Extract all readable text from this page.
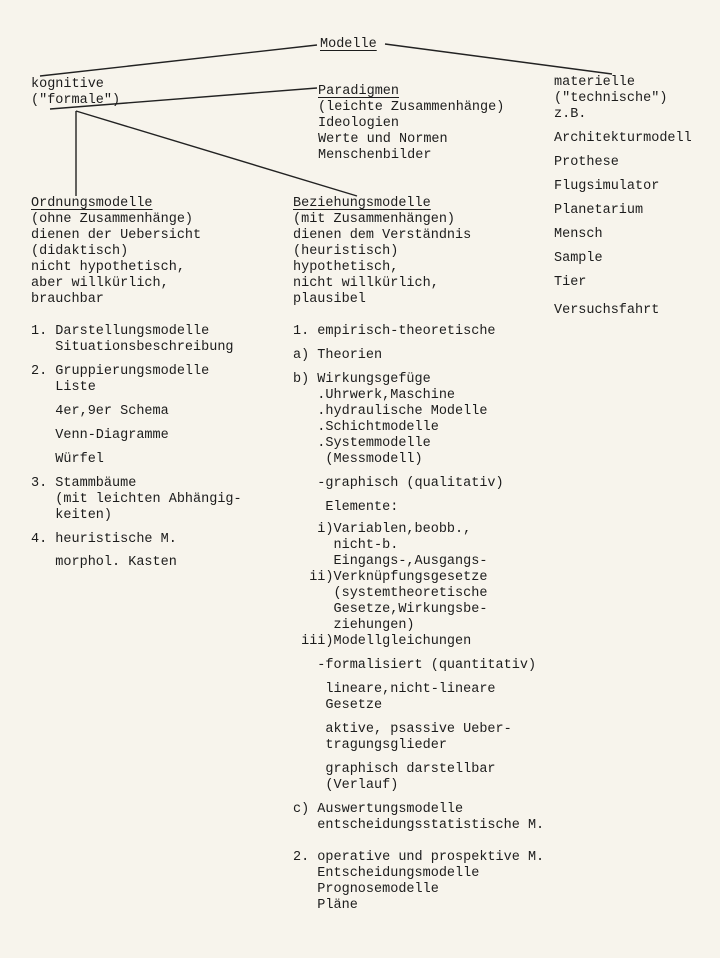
Modelle
kognitive
("formale")
Paradigmen
(leichte Zusammenhänge)
Ideologien
Werte und Normen
Menschenbilder
materielle
("technische")
z.B.
Architekturmodell
Prothese
Flugsimulator
Planetarium
Mensch
Sample
Tier
Versuchsfahrt
Ordnungsmodelle
(ohne Zusammenhänge)
dienen der Uebersicht
(didaktisch)
nicht hypothetisch,
aber willkürlich,
brauchbar
1. Darstellungsmodelle
Situationsbeschreibung
2. Gruppierungsmodelle
Liste
4er,9er Schema
Venn-Diagramme
Würfel
3. Stammbäume
(mit leichten Abhängig-
keiten)
4. heuristische M.
morphol. Kasten
Beziehungsmodelle
(mit Zusammenhängen)
dienen dem Verständnis
(heuristisch)
hypothetisch,
nicht willkürlich,
plausibel
1. empirisch-theoretische
a) Theorien
b) Wirkungsgefüge
.Uhrwerk,Maschine
.hydraulische Modelle
.Schichtmodelle
.Systemmodelle
(Messmodell)
-graphisch (qualitativ)
Elemente:
i)Variablen,beobb.,
nicht-b.
Eingangs-,Ausgangs-
ii)Verknüpfungsgesetze
(systemtheoretische
Gesetze,Wirkungsbe-
ziehungen)
iii)Modellgleichungen
-formalisiert (quantitativ)
lineare,nicht-lineare
Gesetze
aktive, psassive Ueber-
tragungsglieder
graphisch darstellbar
(Verlauf)
c) Auswertungsmodelle
entscheidungsstatistische M.
2. operative und prospektive M.
Entscheidungsmodelle
Prognosemodelle
Pläne
